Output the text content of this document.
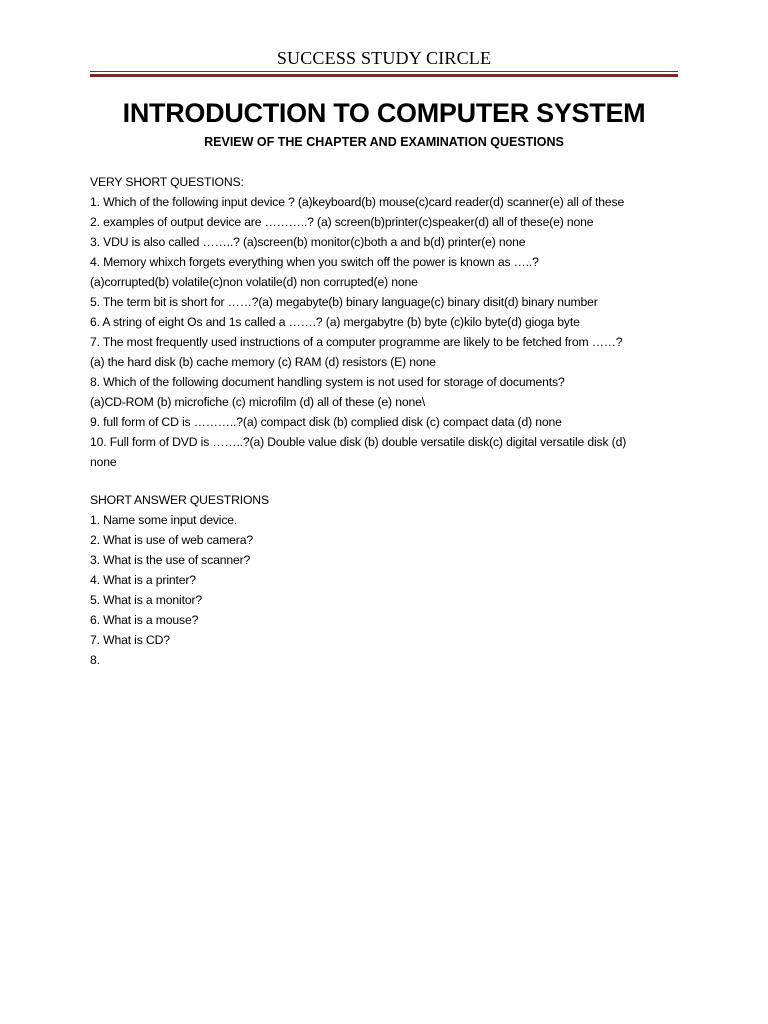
SUCCESS STUDY CIRCLE
INTRODUCTION TO COMPUTER SYSTEM
REVIEW OF THE CHAPTER AND EXAMINATION QUESTIONS
VERY SHORT QUESTIONS:
1. Which of the following input device ? (a)keyboard(b) mouse(c)card reader(d) scanner(e) all of these
2. examples of output device are ………..? (a) screen(b)printer(c)speaker(d) all of these(e) none
3. VDU is also called ……..? (a)screen(b) monitor(c)both a and b(d) printer(e) none
4. Memory whixch forgets everything when you switch off the power is known as …..?
(a)corrupted(b) volatile(c)non volatile(d) non corrupted(e) none
5. The term bit is short for ……?(a) megabyte(b) binary language(c) binary disit(d) binary number
6. A string of eight Os and 1s called a …….? (a) mergabytre (b) byte (c)kilo byte(d) gioga byte
7. The most frequently used instructions of a computer programme are likely to be fetched from ……?
(a) the hard disk (b) cache memory (c) RAM (d) resistors (E) none
8. Which of the following document handling system is not used for storage of documents?
(a)CD-ROM (b) microfiche (c) microfilm (d) all of these (e) none\
9. full form of CD is ………..?(a) compact disk (b) complied disk (c) compact data (d) none
10. Full form of DVD is ……..?(a) Double value disk (b) double versatile disk(c) digital versatile disk (d)
none
SHORT ANSWER QUESTRIONS
1. Name some input device.
2. What is use of web camera?
3. What is the use of scanner?
4. What is a printer?
5. What is a monitor?
6. What is a mouse?
7. What is CD?
8.
